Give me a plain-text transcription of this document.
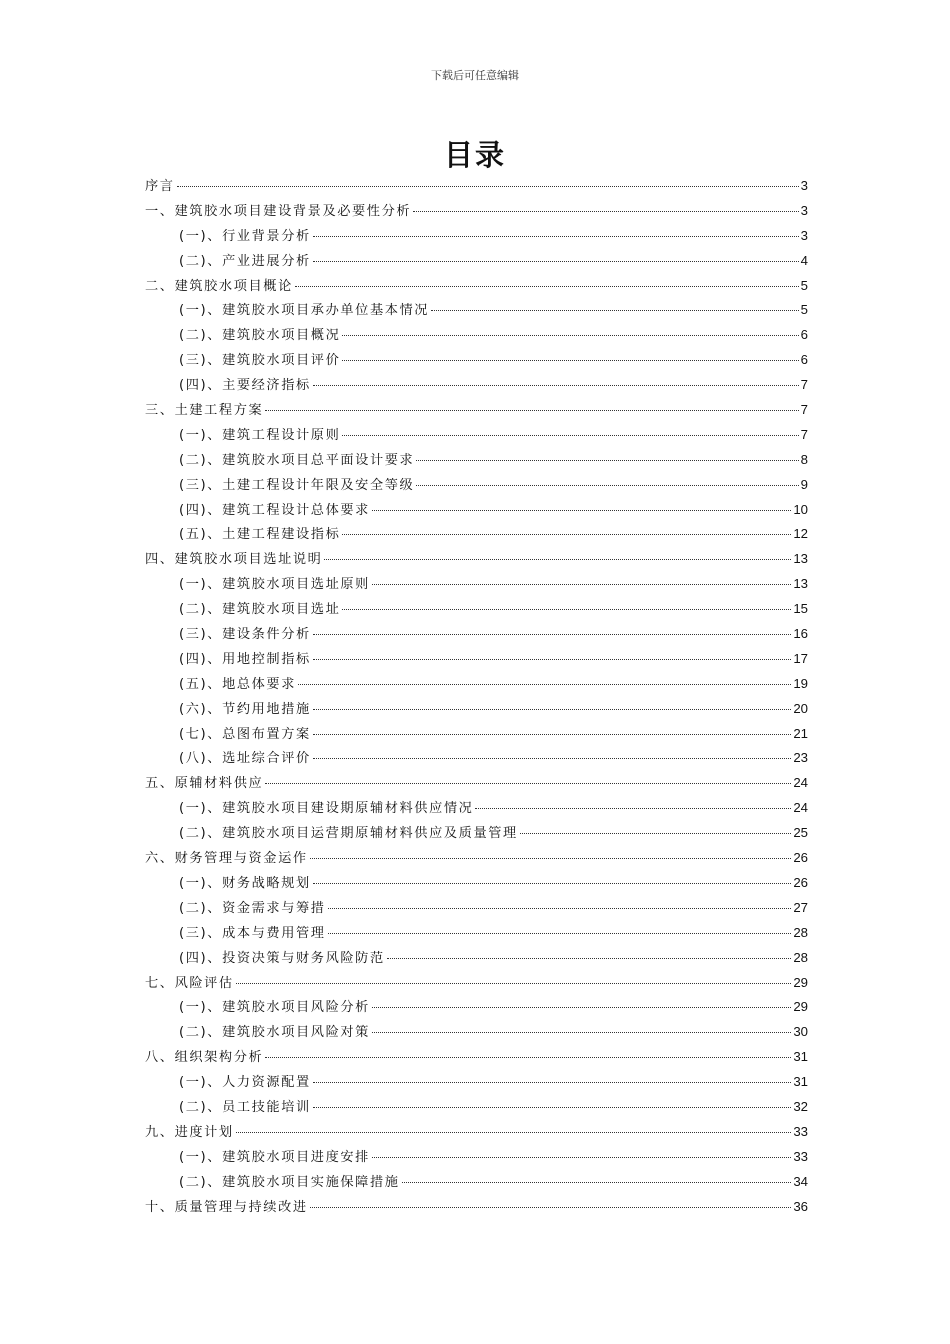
下载后可任意编辑
目录
序言	3
一、建筑胶水项目建设背景及必要性分析	3
(一)、行业背景分析	3
(二)、产业进展分析	4
二、建筑胶水项目概论	5
(一)、建筑胶水项目承办单位基本情况	5
(二)、建筑胶水项目概况	6
(三)、建筑胶水项目评价	6
(四)、主要经济指标	7
三、土建工程方案	7
(一)、建筑工程设计原则	7
(二)、建筑胶水项目总平面设计要求	8
(三)、土建工程设计年限及安全等级	9
(四)、建筑工程设计总体要求	10
(五)、土建工程建设指标	12
四、建筑胶水项目选址说明	13
(一)、建筑胶水项目选址原则	13
(二)、建筑胶水项目选址	15
(三)、建设条件分析	16
(四)、用地控制指标	17
(五)、地总体要求	19
(六)、节约用地措施	20
(七)、总图布置方案	21
(八)、选址综合评价	23
五、原辅材料供应	24
(一)、建筑胶水项目建设期原辅材料供应情况	24
(二)、建筑胶水项目运营期原辅材料供应及质量管理	25
六、财务管理与资金运作	26
(一)、财务战略规划	26
(二)、资金需求与筹措	27
(三)、成本与费用管理	28
(四)、投资决策与财务风险防范	28
七、风险评估	29
(一)、建筑胶水项目风险分析	29
(二)、建筑胶水项目风险对策	30
八、组织架构分析	31
(一)、人力资源配置	31
(二)、员工技能培训	32
九、进度计划	33
(一)、建筑胶水项目进度安排	33
(二)、建筑胶水项目实施保障措施	34
十、质量管理与持续改进	36
